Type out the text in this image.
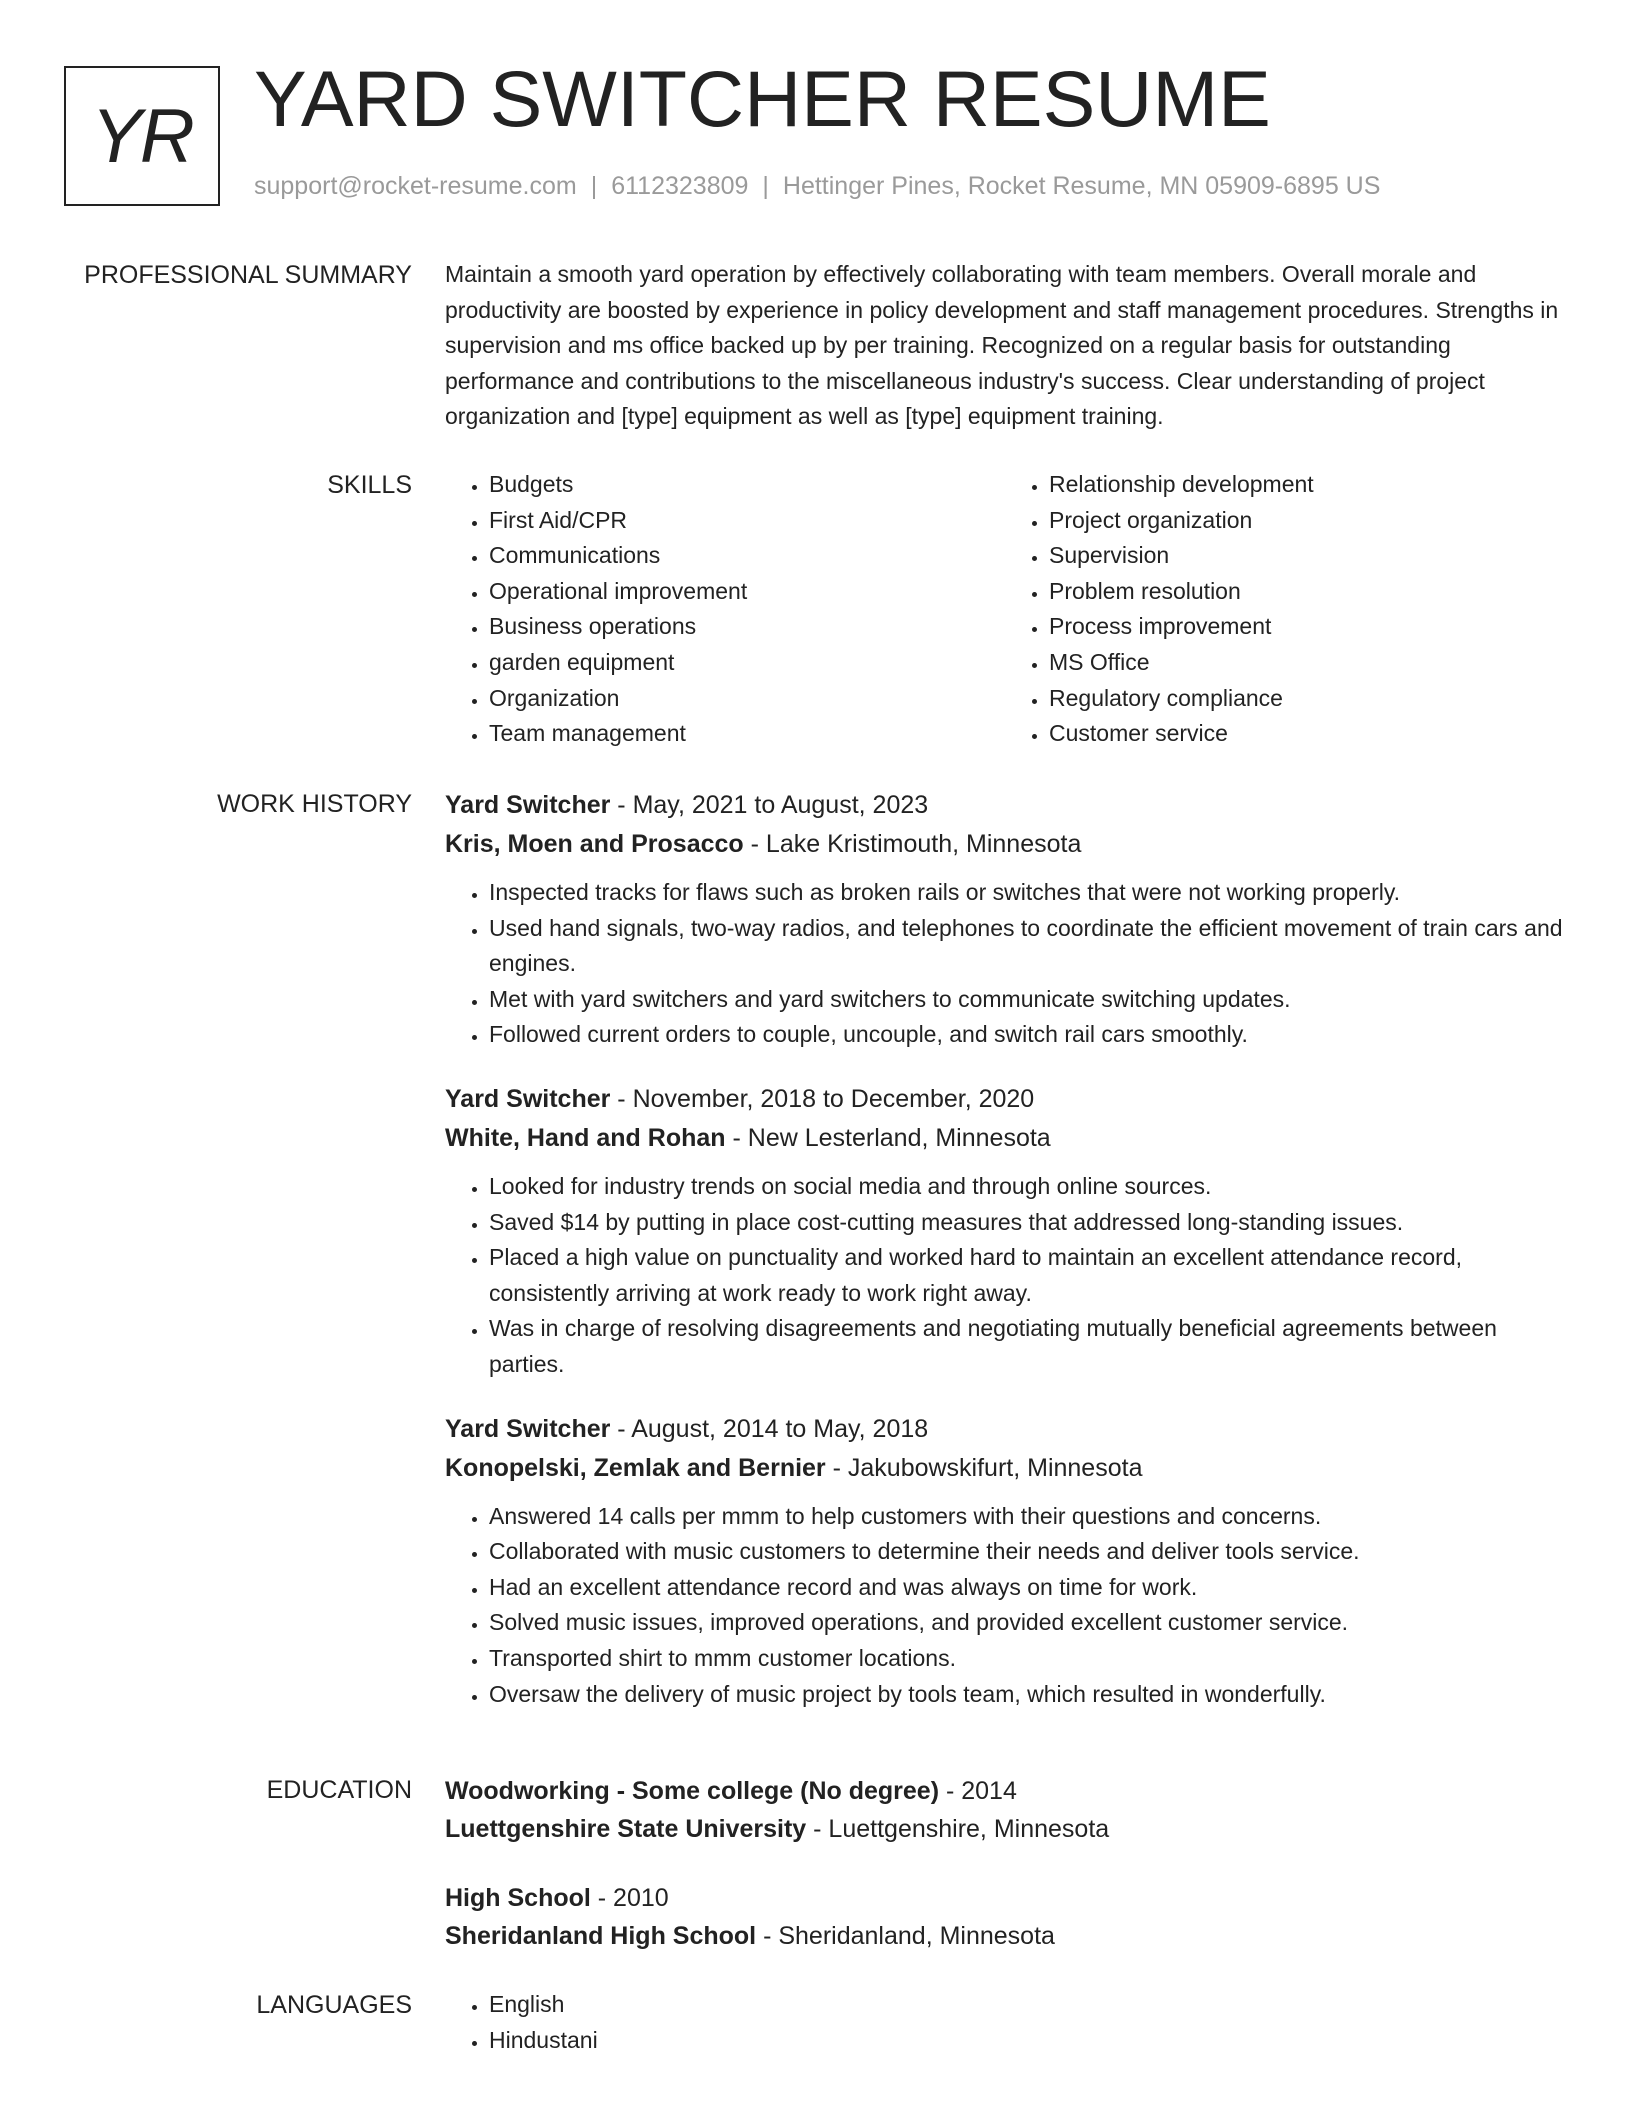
YR YARD SWITCHER RESUME
support@rocket-resume.com | 6112323809 | Hettinger Pines, Rocket Resume, MN 05909-6895 US
PROFESSIONAL SUMMARY Maintain a smooth yard operation by effectively collaborating with team members. Overall morale and productivity are boosted by experience in policy development and staff management procedures. Strengths in supervision and ms office backed up by per training. Recognized on a regular basis for outstanding performance and contributions to the miscellaneous industry's success. Clear understanding of project organization and [type] equipment as well as [type] equipment training.

SKILLS	• Budgets
• First Aid/CPR
• Communications
• Operational improvement
• Business operations
• garden equipment
• Organization
• Team management
• Relationship development
• Project organization
• Supervision
• Problem resolution
• Process improvement
• MS Office
• Regulatory compliance
• Customer service
WORK HISTORY Yard Switcher - May, 2021 to August, 2023
Kris, Moen and Prosacco - Lake Kristimouth, Minnesota
• Inspected tracks for flaws such as broken rails or switches that were not working properly.
• Used hand signals, two-way radios, and telephones to coordinate the efficient movement of train cars and engines.
• Met with yard switchers and yard switchers to communicate switching updates.
• Followed current orders to couple, uncouple, and switch rail cars smoothly.
Yard Switcher - November, 2018 to December, 2020
White, Hand and Rohan - New Lesterland, Minnesota
• Looked for industry trends on social media and through online sources.
• Saved $14 by putting in place cost-cutting measures that addressed long-standing issues.
• Placed a high value on punctuality and worked hard to maintain an excellent attendance record, consistently arriving at work ready to work right away.
• Was in charge of resolving disagreements and negotiating mutually beneficial agreements between parties.
Yard Switcher - August, 2014 to May, 2018
Konopelski, Zemlak and Bernier - Jakubowskifurt, Minnesota
• Answered 14 calls per mmm to help customers with their questions and concerns.
• Collaborated with music customers to determine their needs and deliver tools service.
• Had an excellent attendance record and was always on time for work.
• Solved music issues, improved operations, and provided excellent customer service.
• Transported shirt to mmm customer locations.
• Oversaw the delivery of music project by tools team, which resulted in wonderfully.
EDUCATION Woodworking - Some college (No degree) - 2014
Luettgenshire State University - Luettgenshire, Minnesota
High School - 2010
Sheridanland High School - Sheridanland, Minnesota
LANGUAGES	• English
• Hindustani
